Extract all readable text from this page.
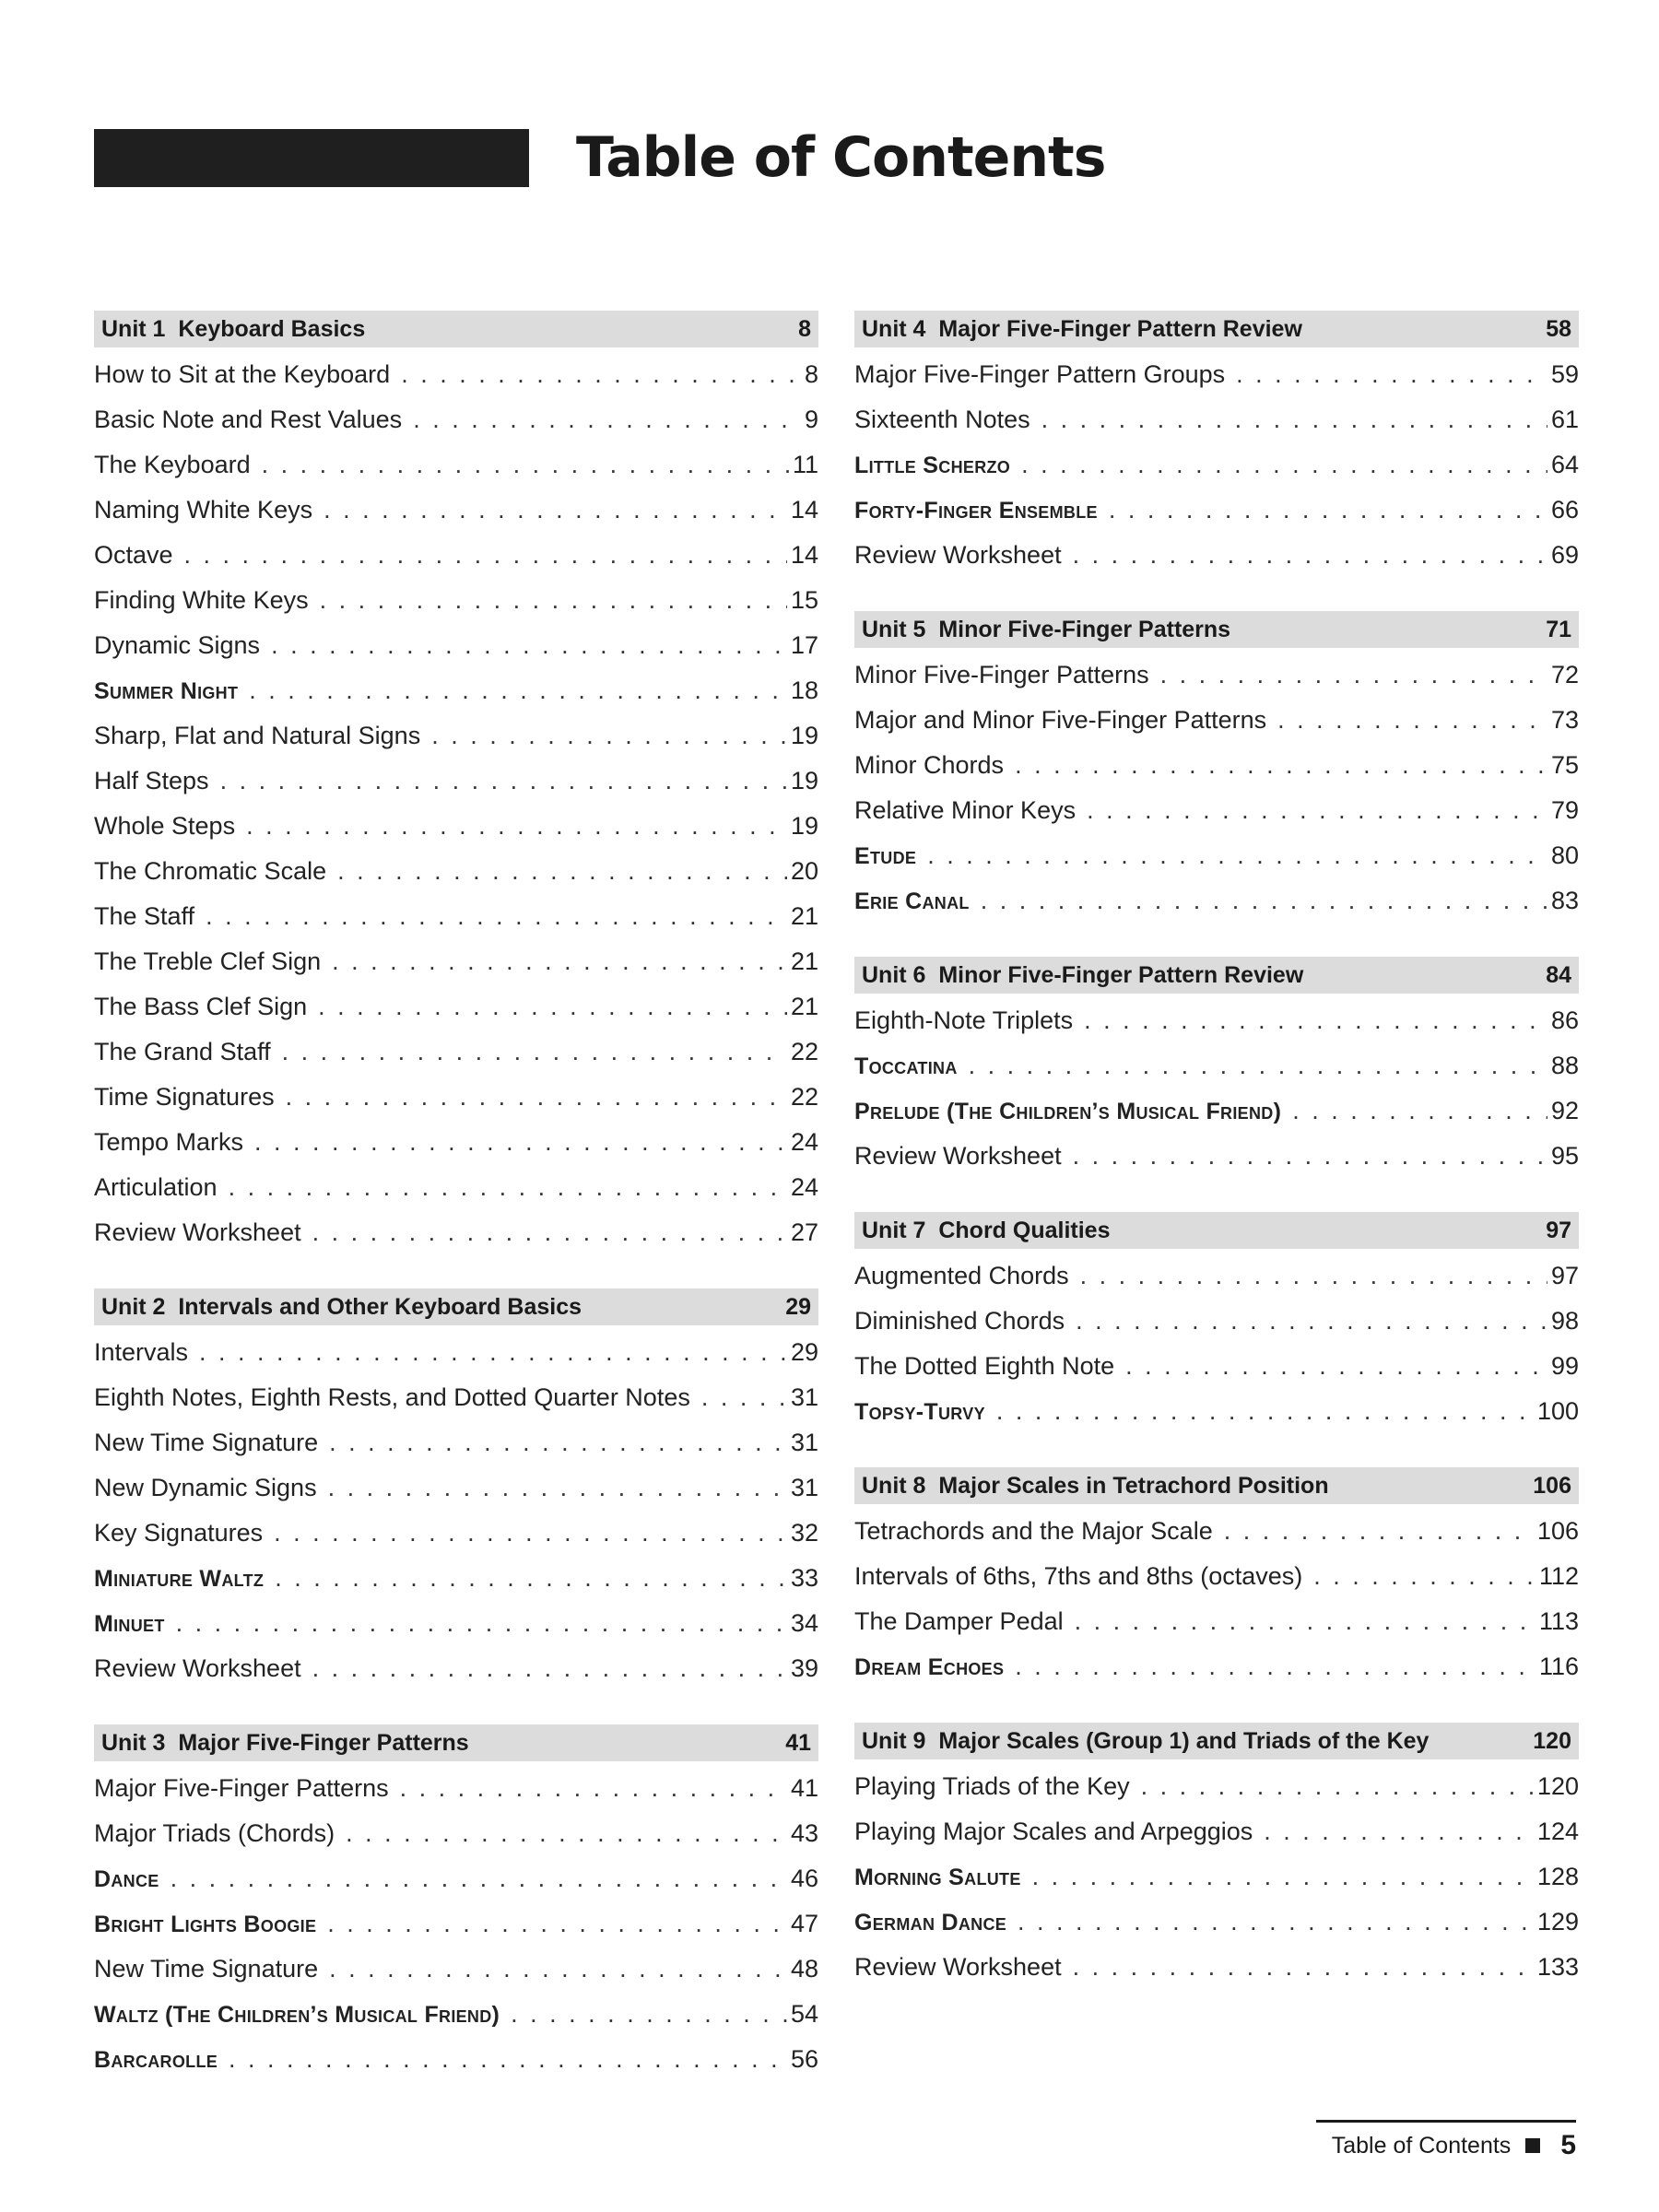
Table of Contents
Unit 1 Keyboard Basics	8
How to Sit at the Keyboard . . .	8
Basic Note and Rest Values . . .	9
The Keyboard . . .	11
Naming White Keys . . .	14
Octave . . .	14
Finding White Keys . . .	15
Dynamic Signs . . .	17
Summer Night . . .	18
Sharp, Flat and Natural Signs . . .	19
Half Steps . . .	19
Whole Steps . . .	19
The Chromatic Scale . . .	20
The Staff . . .	21
The Treble Clef Sign . . .	21
The Bass Clef Sign . . .	21
The Grand Staff . . .	22
Time Signatures . . .	22
Tempo Marks . . .	24
Articulation . . .	24
Review Worksheet . . .	27
Unit 2 Intervals and Other Keyboard Basics	29
Intervals . . .	29
Eighth Notes, Eighth Rests, and Dotted Quarter Notes . . .	31
New Time Signature . . .	31
New Dynamic Signs . . .	31
Key Signatures . . .	32
Miniature Waltz . . .	33
Minuet . . .	34
Review Worksheet . . .	39
Unit 3 Major Five-Finger Patterns	41
Major Five-Finger Patterns . . .	41
Major Triads (Chords) . . .	43
Dance . . .	46
Bright Lights Boogie . . .	47
New Time Signature . . .	48
Waltz (The Children’s Musical Friend) . . .	54
Barcarolle . . .	56
Unit 4 Major Five-Finger Pattern Review	58
Major Five-Finger Pattern Groups . . .	59
Sixteenth Notes . . .	61
Little Scherzo . . .	64
Forty-Finger Ensemble . . .	66
Review Worksheet . . .	69
Unit 5 Minor Five-Finger Patterns	71
Minor Five-Finger Patterns . . .	72
Major and Minor Five-Finger Patterns . . .	73
Minor Chords . . .	75
Relative Minor Keys . . .	79
Etude . . .	80
Erie Canal . . .	83
Unit 6 Minor Five-Finger Pattern Review	84
Eighth-Note Triplets . . .	86
Toccatina . . .	88
Prelude (The Children’s Musical Friend) . . .	92
Review Worksheet . . .	95
Unit 7 Chord Qualities	97
Augmented Chords . . .	97
Diminished Chords . . .	98
The Dotted Eighth Note . . .	99
Topsy-Turvy . . .	100
Unit 8 Major Scales in Tetrachord Position	106
Tetrachords and the Major Scale . . .	106
Intervals of 6ths, 7ths and 8ths (octaves) . . .	112
The Damper Pedal . . .	113
Dream Echoes . . .	116
Unit 9 Major Scales (Group 1) and Triads of the Key	120
Playing Triads of the Key . . .	120
Playing Major Scales and Arpeggios . . .	124
Morning Salute . . .	128
German Dance . . .	129
Review Worksheet . . .	133
Table of Contents 5
